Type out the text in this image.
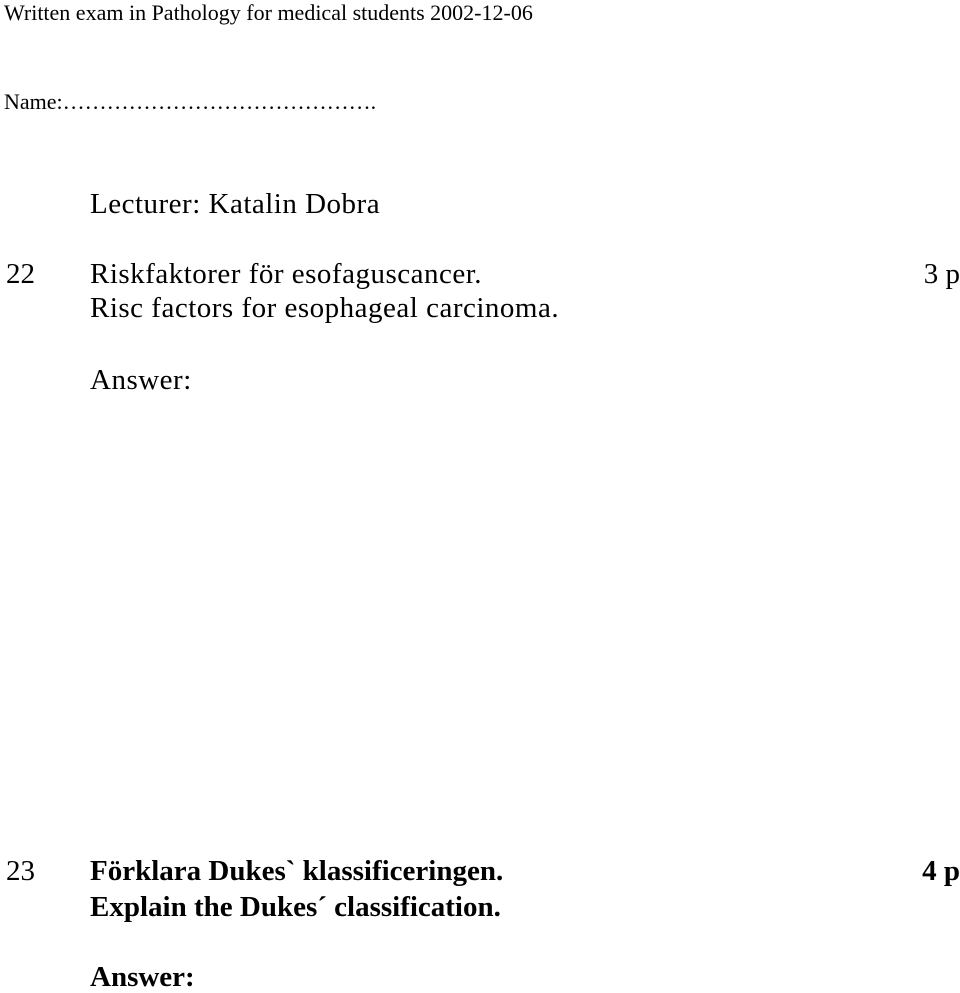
Written exam in Pathology for medical students 2002-12-06
Name:…………………………………….
Lecturer: Katalin Dobra
22 Riskfaktorer för esofaguscancer.	3 p
Risc factors for esophageal carcinoma.
Answer:
23 Förklara Dukes` klassificeringen.	4 p
Explain the Dukes´ classification.
Answer:
